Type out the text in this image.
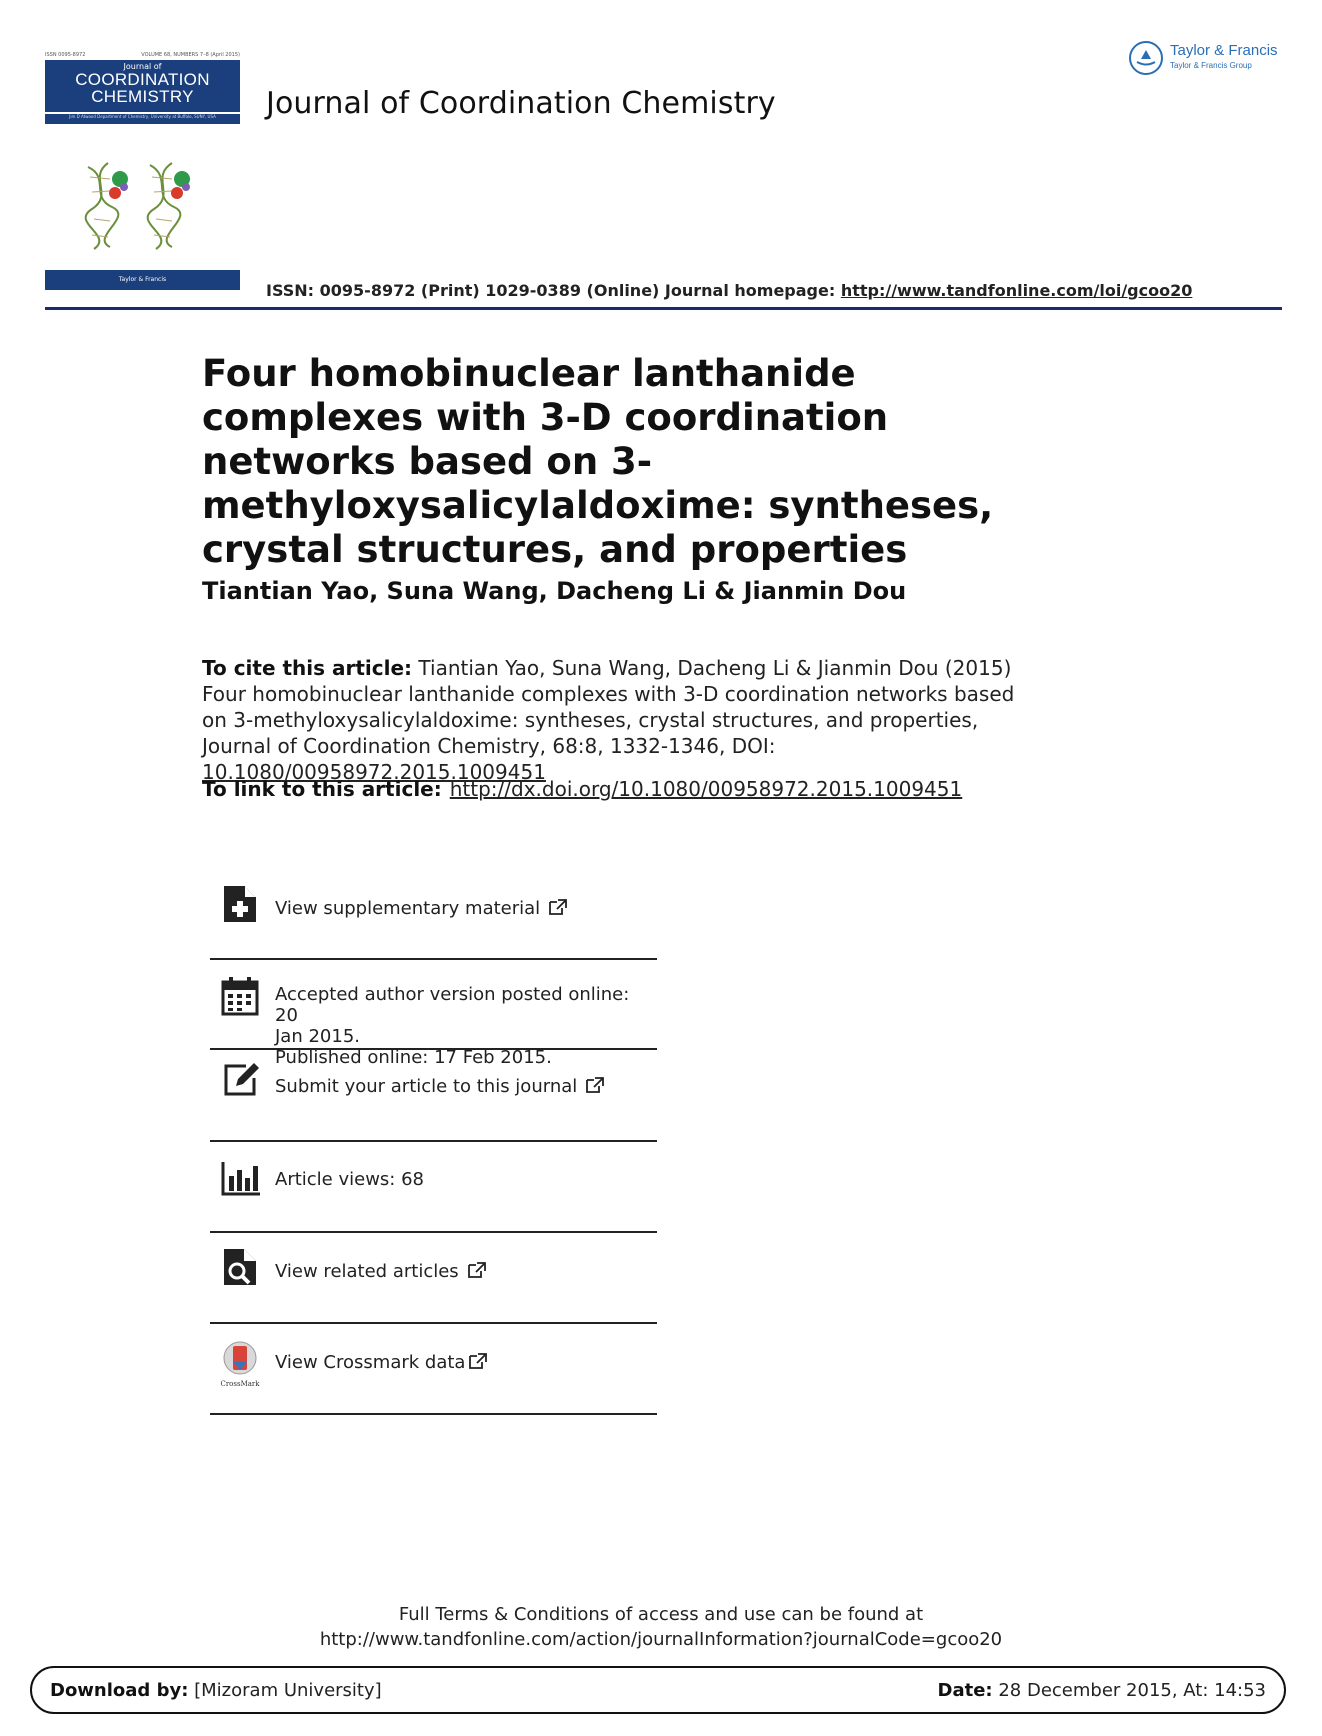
ISSN 0095-8972	VOLUME 68, NUMBERS 7–8 (April 2015)
Journal of
COORDINATION
CHEMISTRY
Jim D Atwood Department of Chemistry, University at Buffalo, SUNY, USA
Taylor & Francis
Journal of Coordination Chemistry
ISSN: 0095-8972 (Print) 1029-0389 (Online) Journal homepage: http://www.tandfonline.com/loi/gcoo20
Taylor & Francis
Taylor & Francis Group
Four homobinuclear lanthanide complexes with 3-D coordination networks based on 3-methyloxysalicylaldoxime: syntheses, crystal structures, and properties
Tiantian Yao, Suna Wang, Dacheng Li & Jianmin Dou
To cite this article: Tiantian Yao, Suna Wang, Dacheng Li & Jianmin Dou (2015) Four homobinuclear lanthanide complexes with 3-D coordination networks based on 3-methyloxysalicylaldoxime: syntheses, crystal structures, and properties, Journal of Coordination Chemistry, 68:8, 1332-1346, DOI: 10.1080/00958972.2015.1009451
To link to this article: http://dx.doi.org/10.1080/00958972.2015.1009451
View supplementary material
Accepted author version posted online: 20
Jan 2015.
Published online: 17 Feb 2015.
Submit your article to this journal
Article views: 68
View related articles
CrossMark
View Crossmark data
Full Terms & Conditions of access and use can be found at
http://www.tandfonline.com/action/journalInformation?journalCode=gcoo20
Download by: [Mizoram University]	Date: 28 December 2015, At: 14:53
